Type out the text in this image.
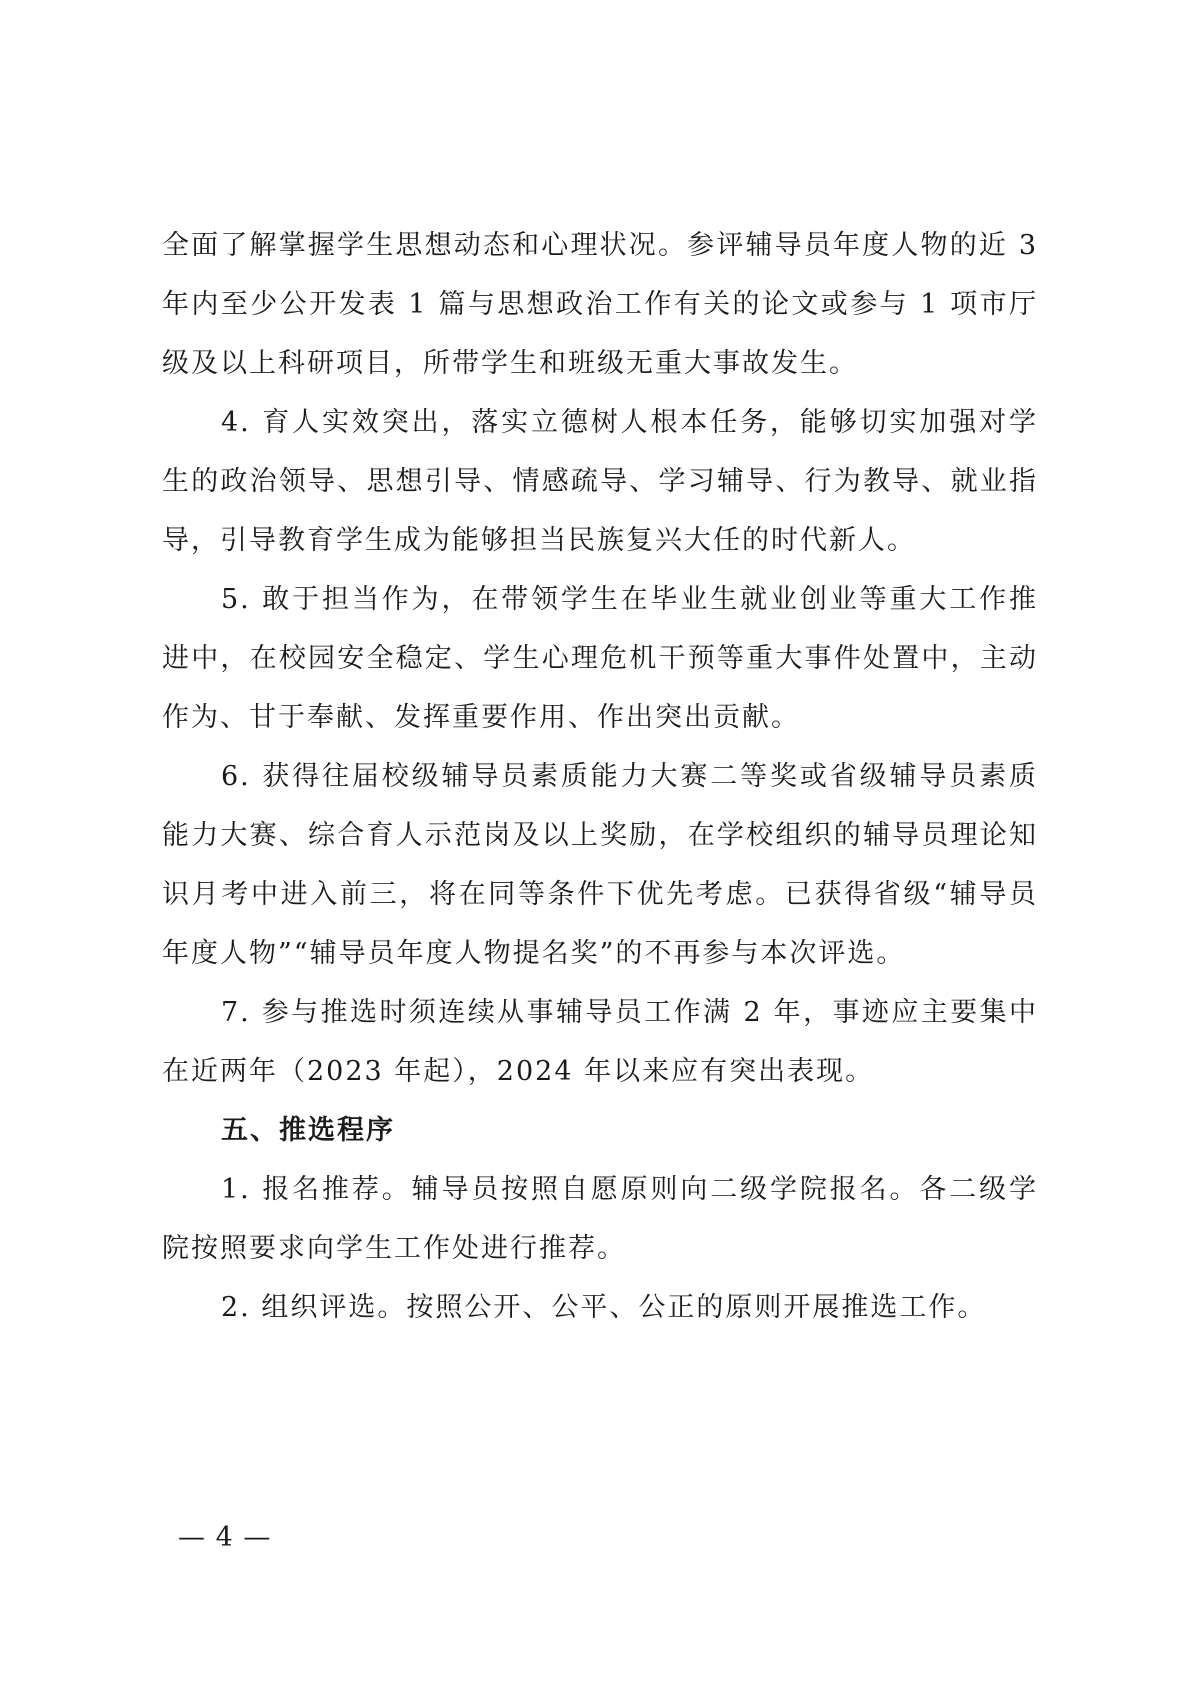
全面了解掌握学生思想动态和心理状况。参评辅导员年度人物的近 3 年内至少公开发表 1 篇与思想政治工作有关的论文或参与 1 项市厅级及以上科研项目，所带学生和班级无重大事故发生。

4. 育人实效突出，落实立德树人根本任务，能够切实加强对学生的政治领导、思想引导、情感疏导、学习辅导、行为教导、就业指导，引导教育学生成为能够担当民族复兴大任的时代新人。

5. 敢于担当作为，在带领学生在毕业生就业创业等重大工作推进中，在校园安全稳定、学生心理危机干预等重大事件处置中，主动作为、甘于奉献、发挥重要作用、作出突出贡献。

6. 获得往届校级辅导员素质能力大赛二等奖或省级辅导员素质能力大赛、综合育人示范岗及以上奖励，在学校组织的辅导员理论知识月考中进入前三，将在同等条件下优先考虑。已获得省级“辅导员年度人物”“辅导员年度人物提名奖”的不再参与本次评选。

7. 参与推选时须连续从事辅导员工作满 2 年，事迹应主要集中在近两年（2023 年起），2024 年以来应有突出表现。

五、推选程序

1. 报名推荐。辅导员按照自愿原则向二级学院报名。各二级学院按照要求向学生工作处进行推荐。

2. 组织评选。按照公开、公平、公正的原则开展推选工作。

— 4 —
